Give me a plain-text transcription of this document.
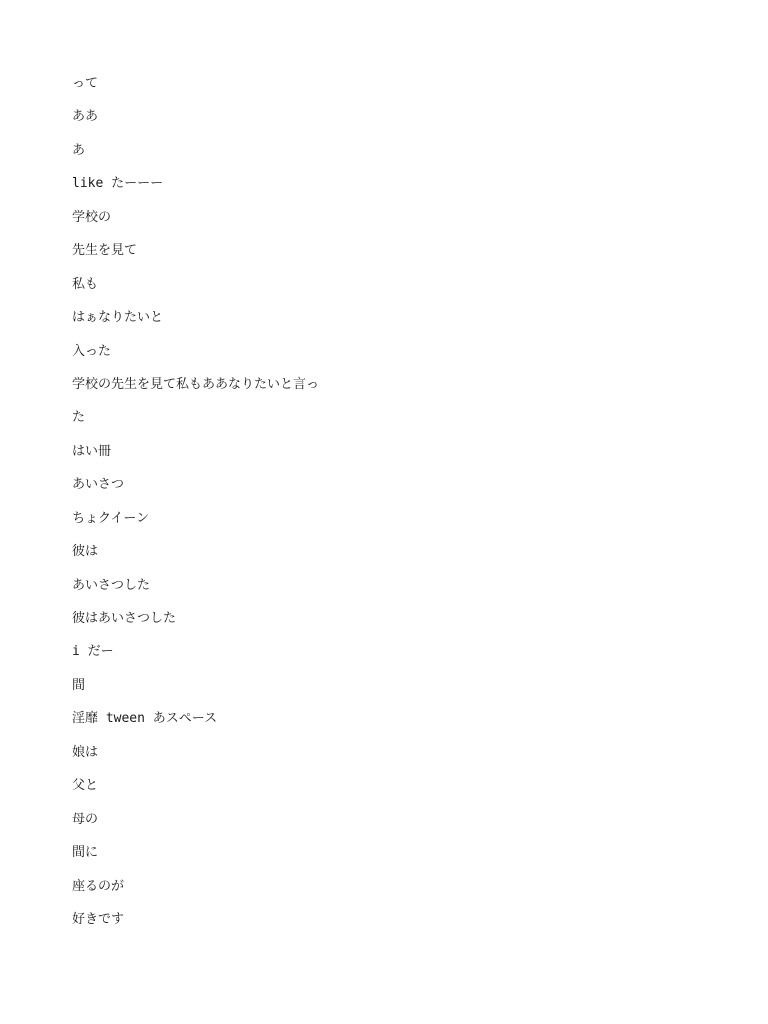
って

ああ

あ

like たーーー

学校の

先生を見て

私も

はぁなりたいと

入った

学校の先生を見て私もああなりたいと言っ

た

はい冊

あいさつ

ちょクイーン

彼は

あいさつした

彼はあいさつした

i だー

間

淫靡 tween あスペース

娘は

父と

母の

間に

座るのが

好きです
